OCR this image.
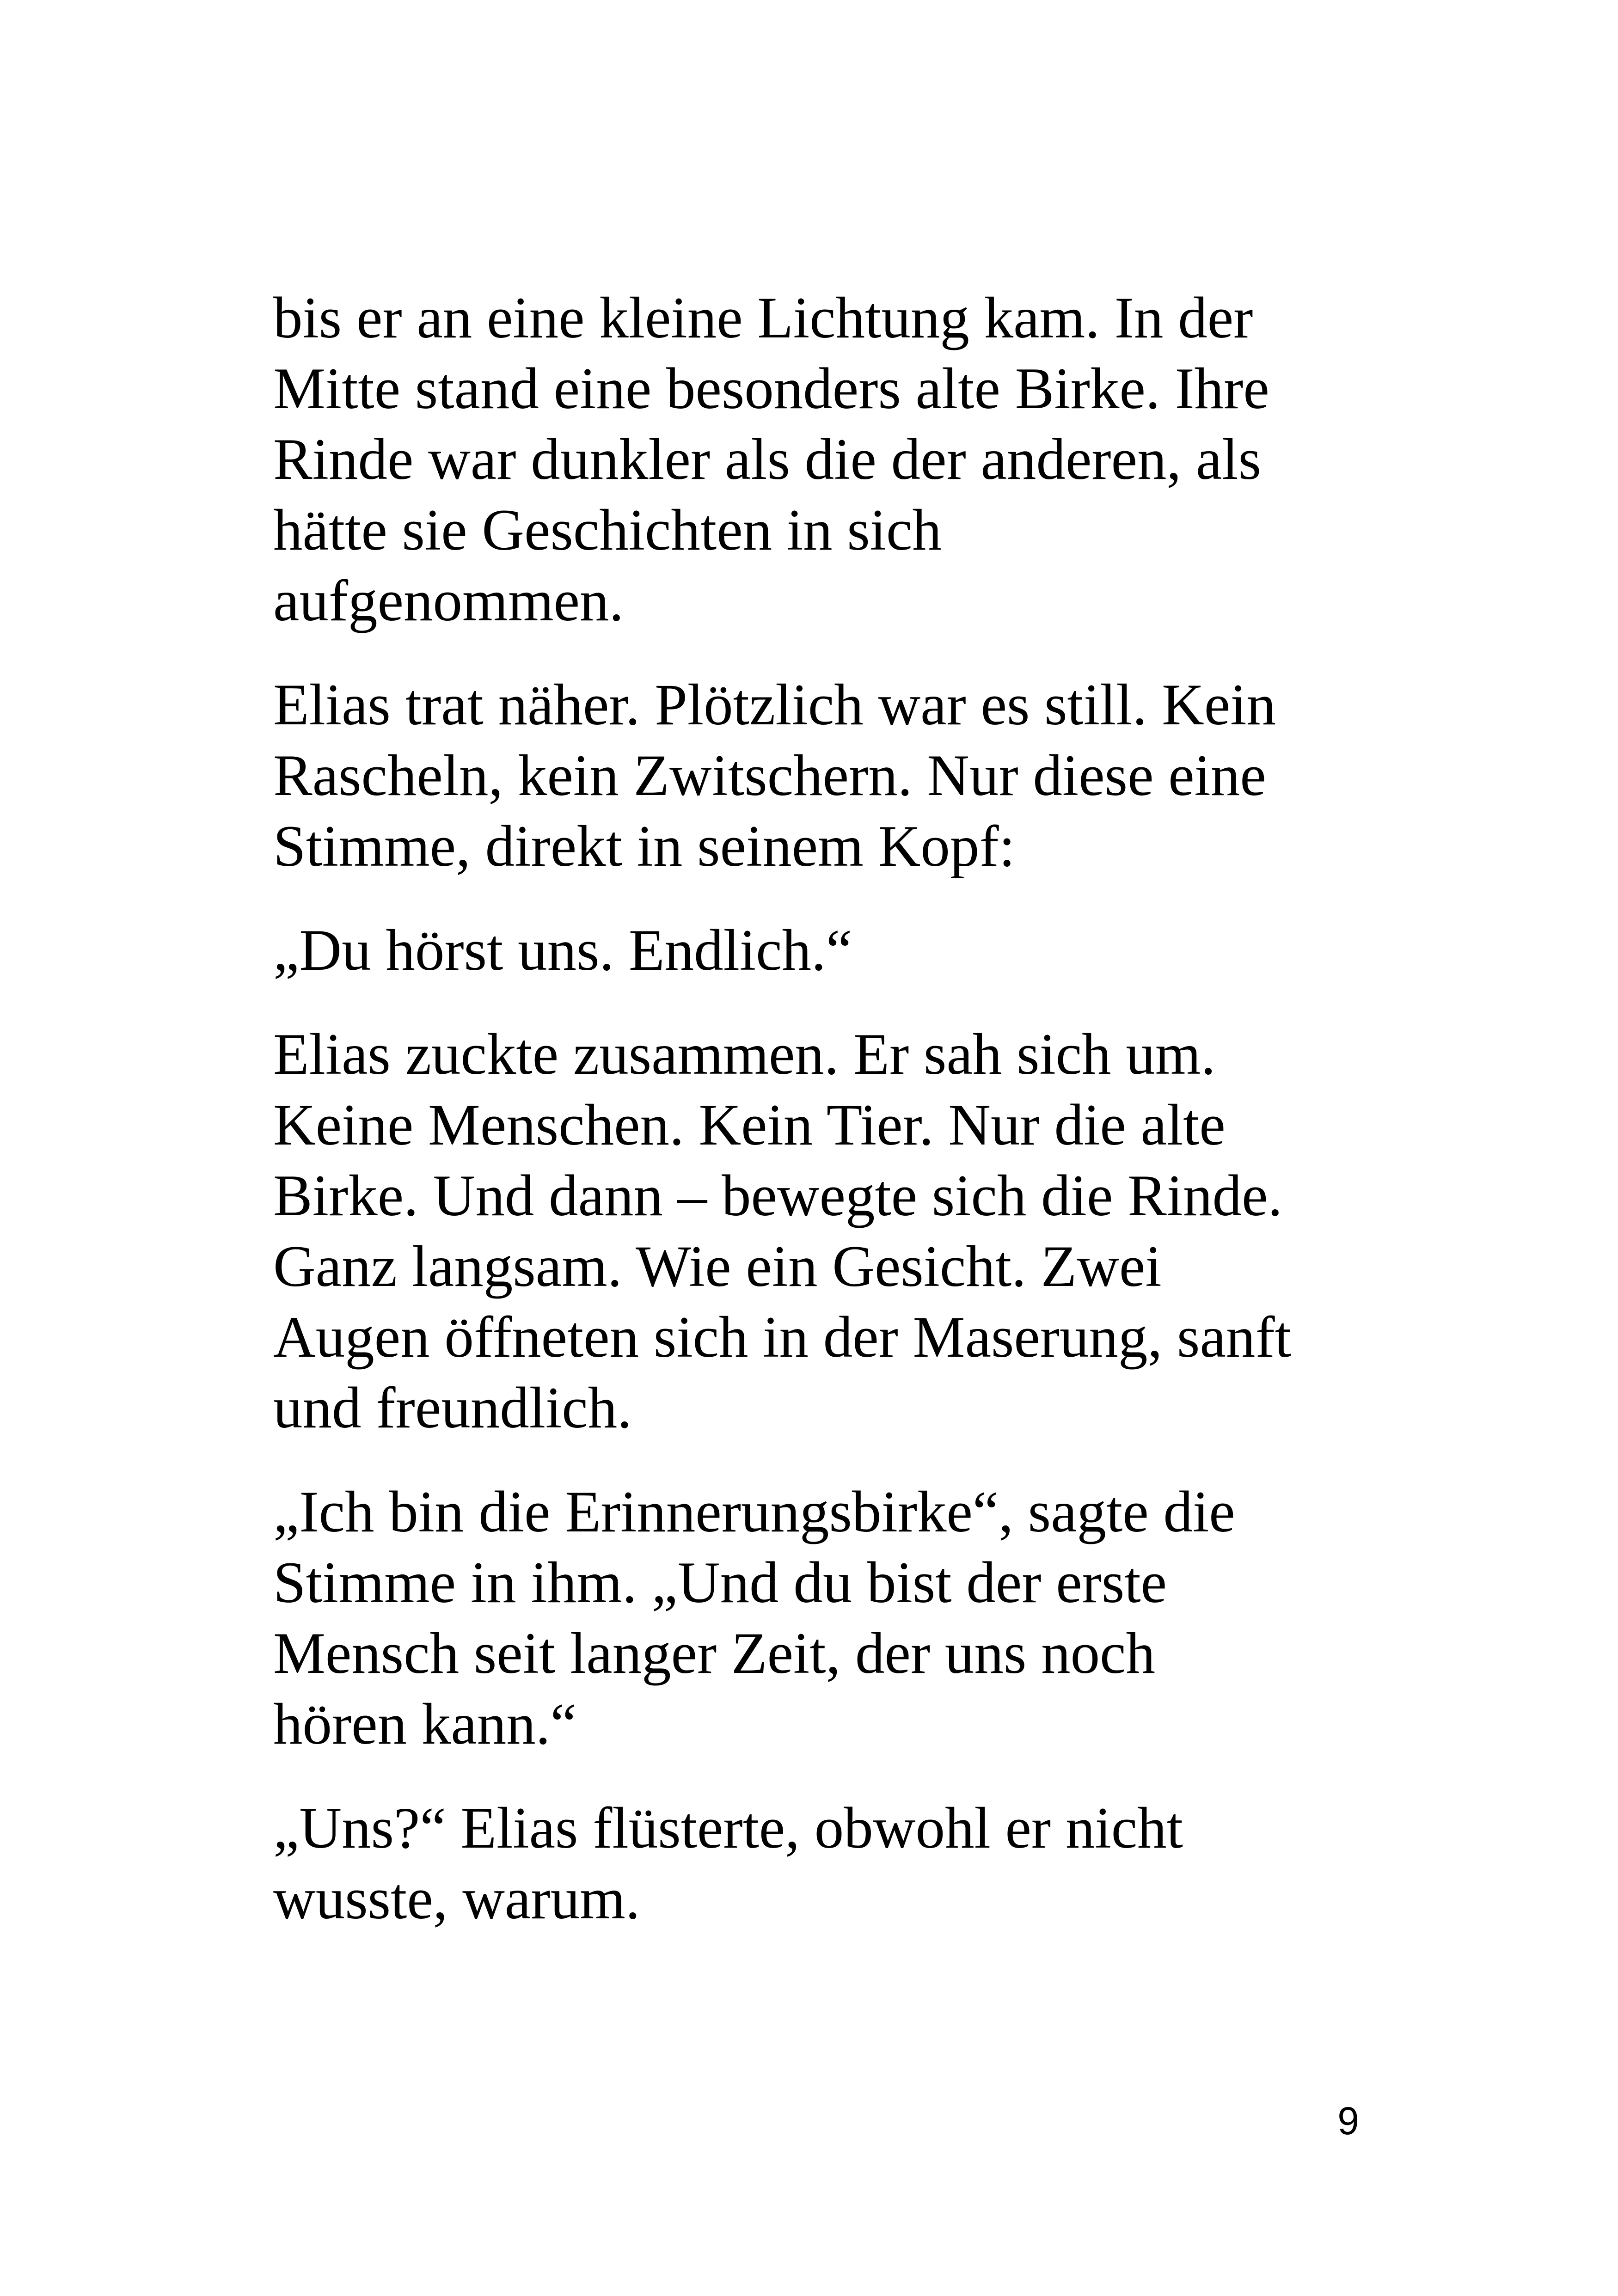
bis er an eine kleine Lichtung kam. In der
Mitte stand eine besonders alte Birke. Ihre
Rinde war dunkler als die der anderen, als
hätte sie Geschichten in sich
aufgenommen.

Elias trat näher. Plötzlich war es still. Kein
Rascheln, kein Zwitschern. Nur diese eine
Stimme, direkt in seinem Kopf:

„Du hörst uns. Endlich.“

Elias zuckte zusammen. Er sah sich um.
Keine Menschen. Kein Tier. Nur die alte
Birke. Und dann – bewegte sich die Rinde.
Ganz langsam. Wie ein Gesicht. Zwei
Augen öffneten sich in der Maserung, sanft
und freundlich.

„Ich bin die Erinnerungsbirke“, sagte die
Stimme in ihm. „Und du bist der erste
Mensch seit langer Zeit, der uns noch
hören kann.“

„Uns?“ Elias flüsterte, obwohl er nicht
wusste, warum.

9
